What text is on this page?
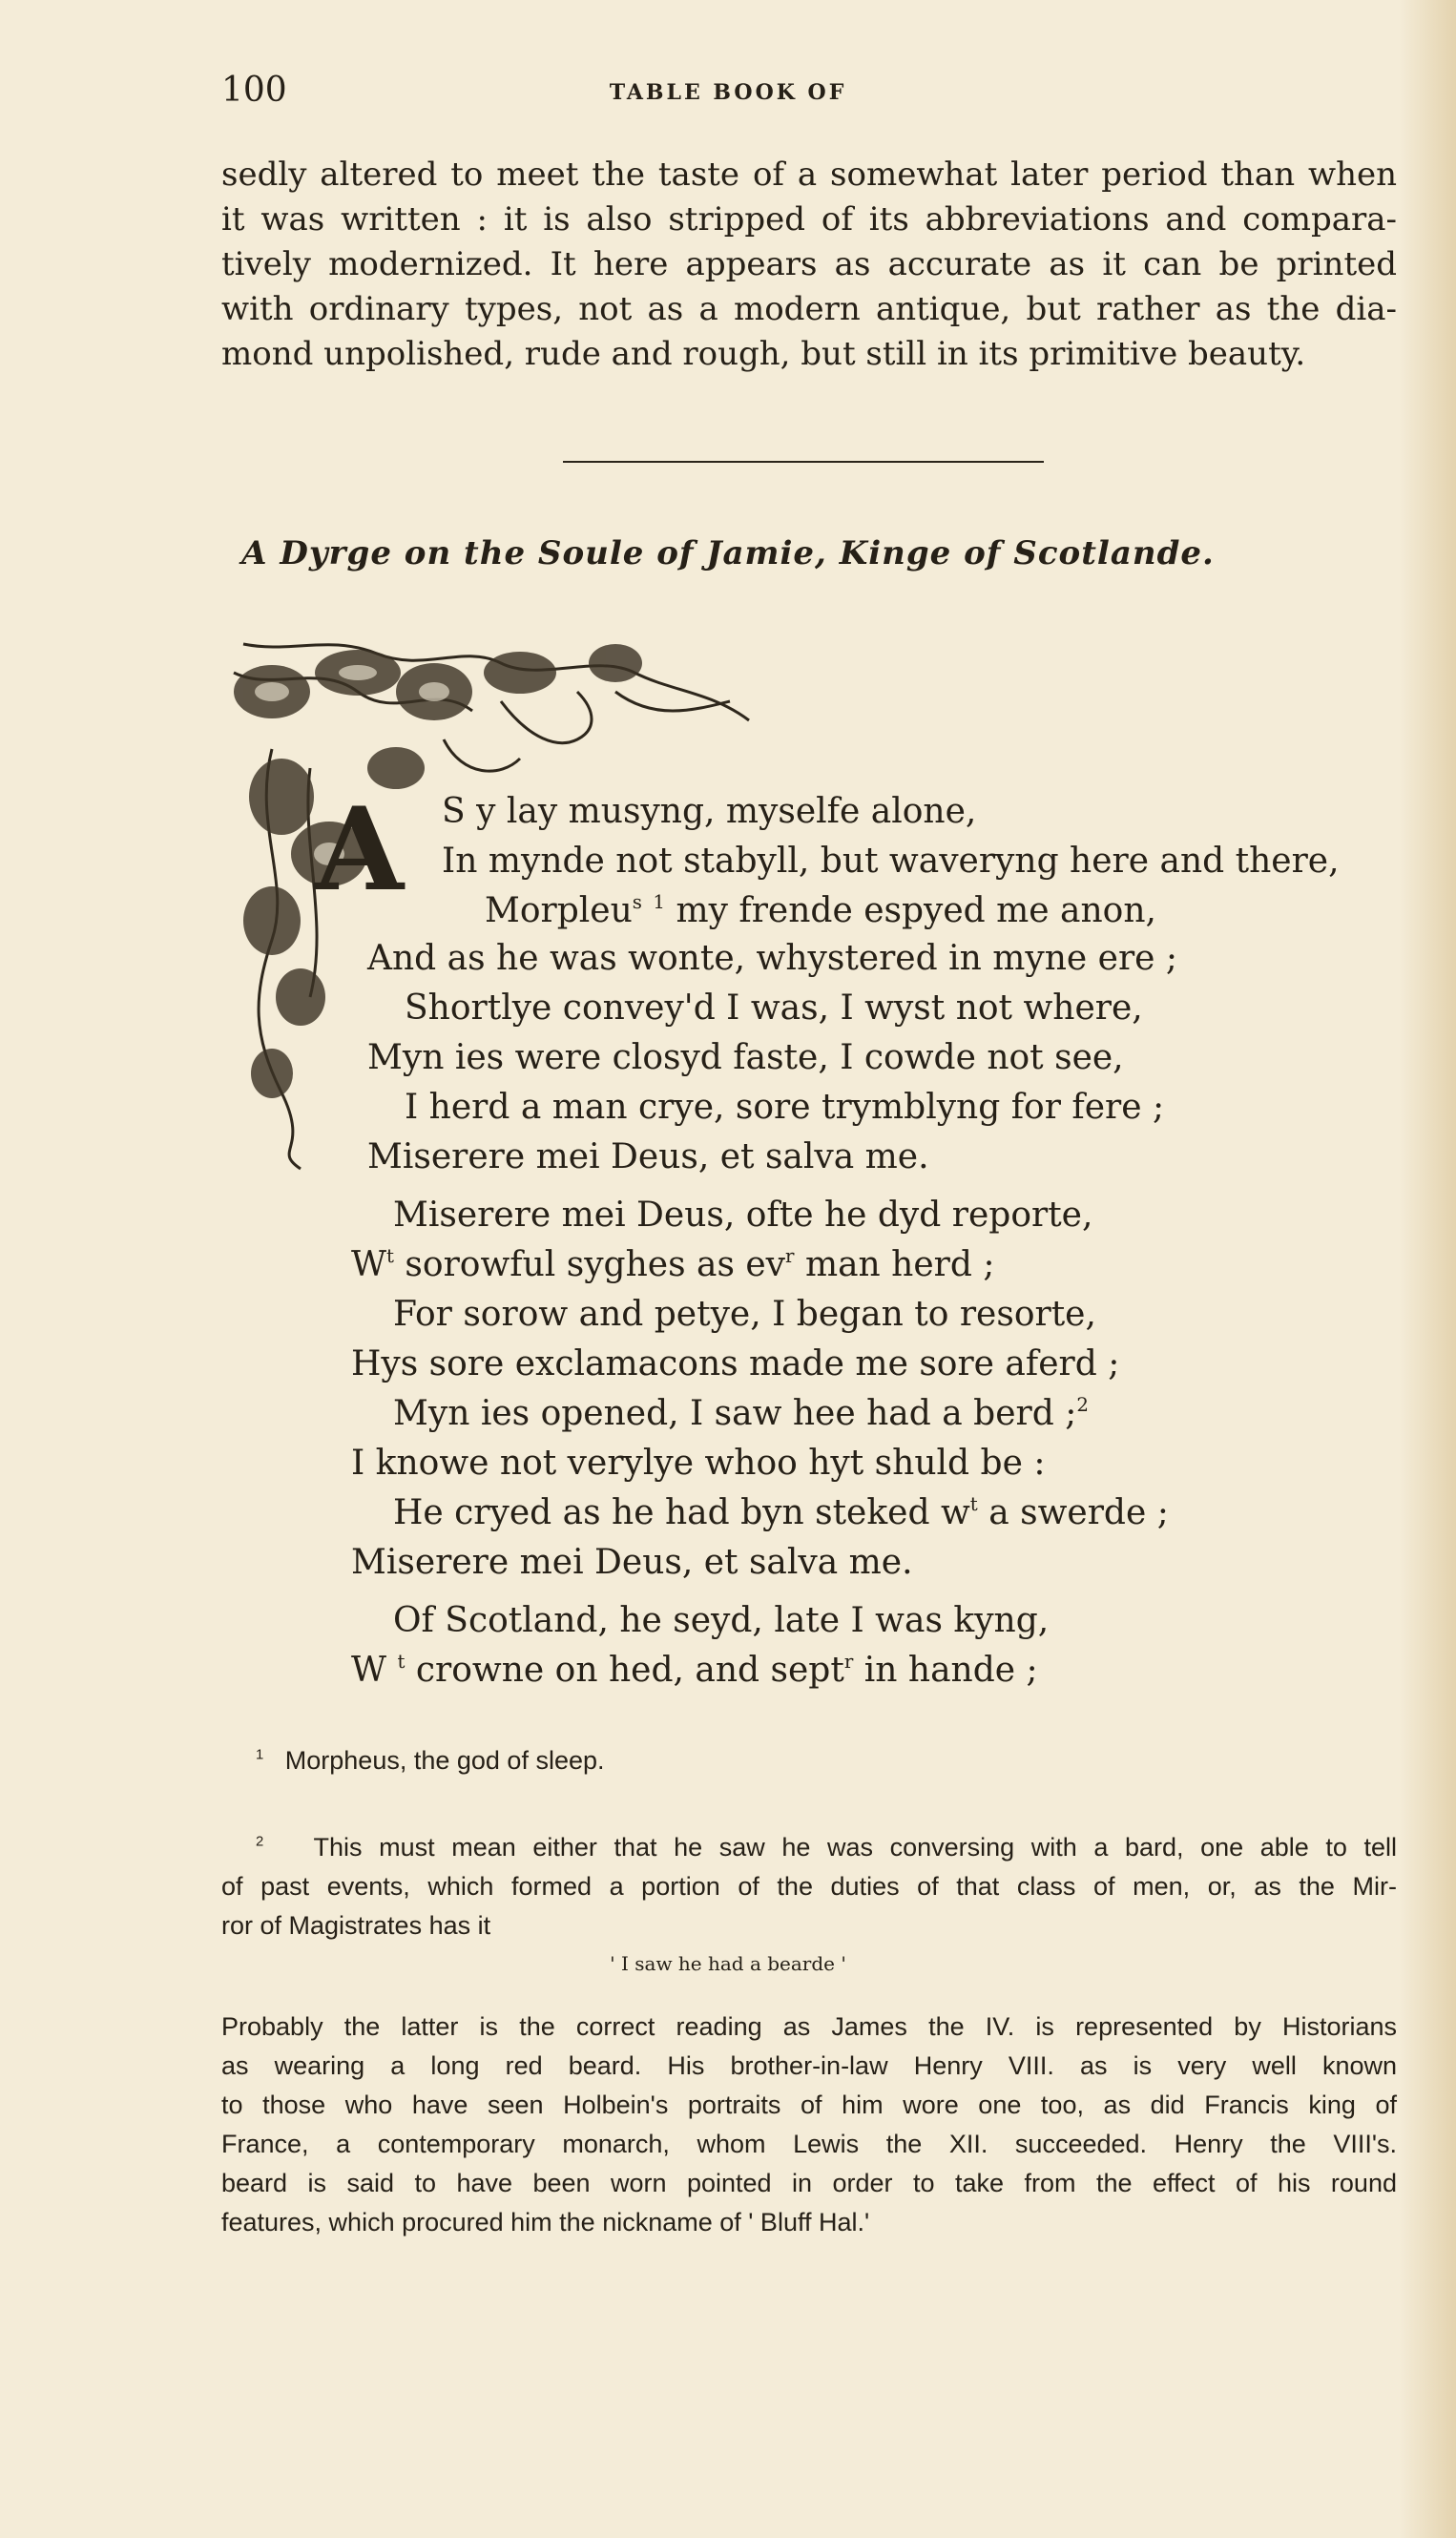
100	TABLE BOOK OF
sedly altered to meet the taste of a somewhat later period than when
it was written : it is also stripped of its abbreviations and compara-
tively modernized. It here appears as accurate as it can be printed
with ordinary types, not as a modern antique, but rather as the dia-
mond unpolished, rude and rough, but still in its primitive beauty.
A Dyrge on the Soule of Jamie, Kinge of Scotlande.
A S y lay musyng, myselfe alone,
In mynde not stabyll, but waveryng here and there,
Morpleu$^s$ $^1$ my frende espyed me anon,
And as he was wonte, whystered in myne ere ;
Shortlye convey'd I was, I wyst not where,
Myn ies were closyd faste, I cowde not see,
I herd a man crye, sore trymblyng for fere ;
Miserere mei Deus, et salva me.
Miserere mei Deus, ofte he dyd reporte,
$W^t$ sorowful syghes as $ev^r$ man herd ;
For sorow and petye, I began to resorte,
Hys sore exclamacons made me sore aferd ;
Myn ies opened, I saw hee had a berd ;$^2$
I knowe not verylye whoo hyt shuld be :
He cryed as he had byn steked $w^t$ a swerde ;
Miserere mei Deus, et salva me.
Of Scotland, he seyd, late I was kyng,
W $^t$ crowne on hed, and sept$^r$ in hande ;
$^1$ Morpheus, the god of sleep.
$^2$ This must mean either that he saw he was conversing with a bard, one able to tell
of past events, which formed a portion of the duties of that class of men, or, as the Mir-
ror of Magistrates has it
' I saw he had a bearde '
Probably the latter is the correct reading as James the IV. is represented by Historians
as wearing a long red beard. His brother-in-law Henry VIII. as is very well known
to those who have seen Holbein's portraits of him wore one too, as did Francis king of
France, a contemporary monarch, whom Lewis the XII. succeeded. Henry the VIII's.
beard is said to have been worn pointed in order to take from the effect of his round
features, which procured him the nickname of ' Bluff Hal.'
